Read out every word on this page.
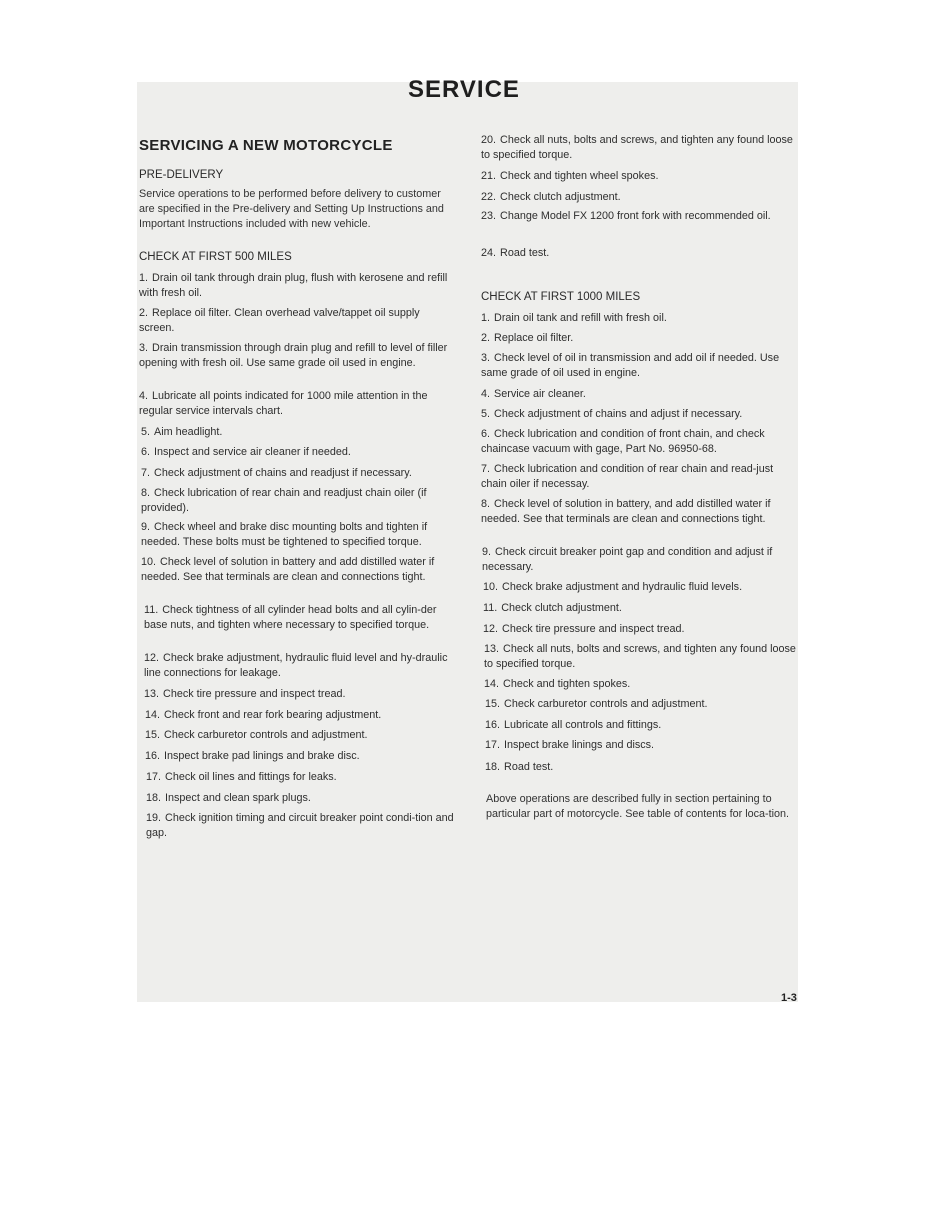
SERVICE
SERVICING A NEW MOTORCYCLE

PRE-DELIVERY

Service operations to be performed before delivery to customer are specified in the Pre-delivery and Setting Up Instructions and Important Instructions included with new vehicle.

CHECK AT FIRST 500 MILES

1. Drain oil tank through drain plug, flush with kerosene and refill with fresh oil.

2. Replace oil filter. Clean overhead valve/tappet oil supply screen.

3. Drain transmission through drain plug and refill to level of filler opening with fresh oil. Use same grade oil used in engine.

4. Lubricate all points indicated for 1000 mile attention in the regular service intervals chart.

5. Aim headlight.

6. Inspect and service air cleaner if needed.

7. Check adjustment of chains and readjust if necessary.

8. Check lubrication of rear chain and readjust chain oiler (if provided).

9. Check wheel and brake disc mounting bolts and tighten if needed. These bolts must be tightened to specified torque.

10. Check level of solution in battery and add distilled water if needed. See that terminals are clean and connections tight.

11. Check tightness of all cylinder head bolts and all cylin-der base nuts, and tighten where necessary to specified torque.

12. Check brake adjustment, hydraulic fluid level and hy-draulic line connections for leakage.

13. Check tire pressure and inspect tread.

14. Check front and rear fork bearing adjustment.

15. Check carburetor controls and adjustment.

16. Inspect brake pad linings and brake disc.

17. Check oil lines and fittings for leaks.

18. Inspect and clean spark plugs.

19. Check ignition timing and circuit breaker point condi-tion and gap.

20. Check all nuts, bolts and screws, and tighten any found loose to specified torque.

21. Check and tighten wheel spokes.

22. Check clutch adjustment.

23. Change Model FX 1200 front fork with recommended oil.

24. Road test.

CHECK AT FIRST 1000 MILES

1. Drain oil tank and refill with fresh oil.

2. Replace oil filter.

3. Check level of oil in transmission and add oil if needed. Use same grade of oil used in engine.

4. Service air cleaner.

5. Check adjustment of chains and adjust if necessary.

6. Check lubrication and condition of front chain, and check chaincase vacuum with gage, Part No. 96950-68.

7. Check lubrication and condition of rear chain and read-just chain oiler if necessay.

8. Check level of solution in battery, and add distilled water if needed. See that terminals are clean and connections tight.

9. Check circuit breaker point gap and condition and adjust if necessary.

10. Check brake adjustment and hydraulic fluid levels.

11. Check clutch adjustment.

12. Check tire pressure and inspect tread.

13. Check all nuts, bolts and screws, and tighten any found loose to specified torque.

14. Check and tighten spokes.

15. Check carburetor controls and adjustment.

16. Lubricate all controls and fittings.

17. Inspect brake linings and discs.

18. Road test.

Above operations are described fully in section pertaining to particular part of motorcycle. See table of contents for loca-tion.

1-3
